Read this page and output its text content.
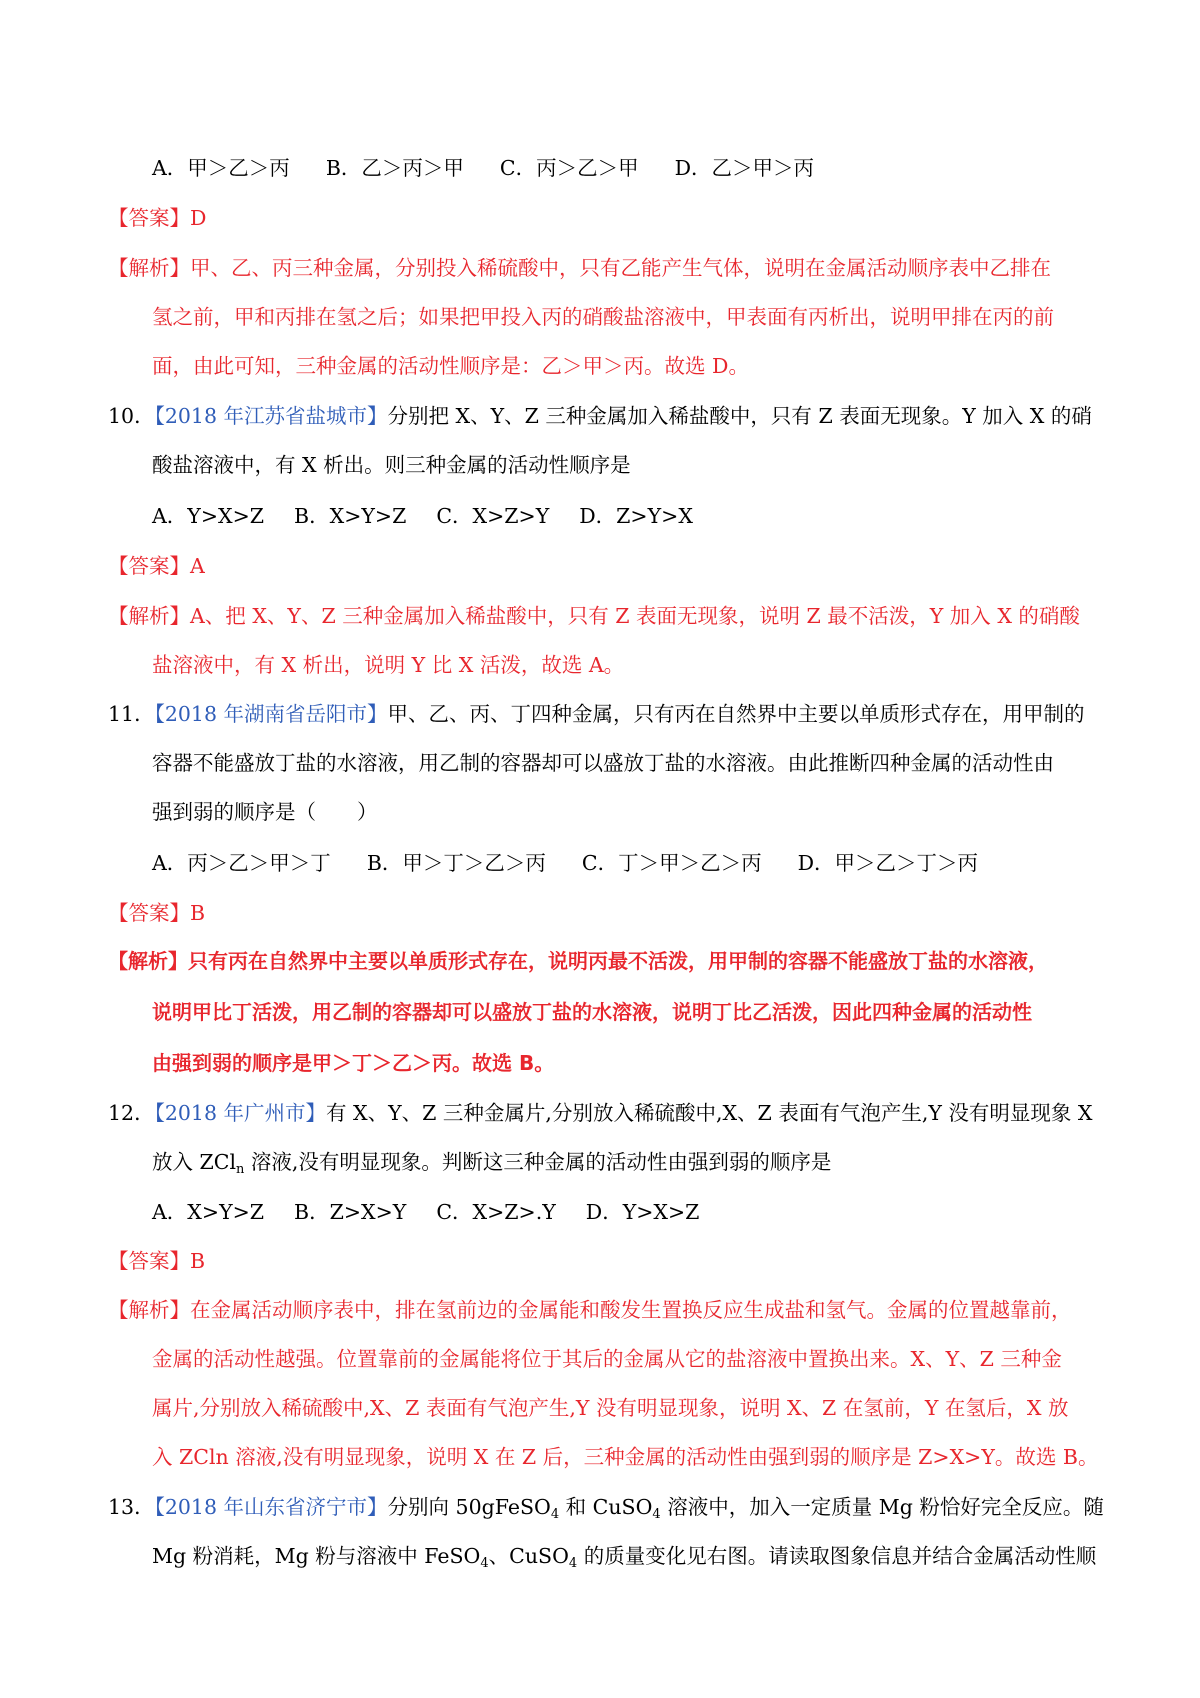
A．甲＞乙＞丙 B．乙＞丙＞甲 C．丙＞乙＞甲 D．乙＞甲＞丙
【答案】D
【解析】甲、乙、丙三种金属，分别投入稀硫酸中，只有乙能产生气体，说明在金属活动顺序表中乙排在
氢之前，甲和丙排在氢之后；如果把甲投入丙的硝酸盐溶液中，甲表面有丙析出，说明甲排在丙的前
面，由此可知，三种金属的活动性顺序是：乙＞甲＞丙。故选 D。
10．【2018 年江苏省盐城市】分别把 X、Y、Z 三种金属加入稀盐酸中，只有 Z 表面无现象。Y 加入 X 的硝
酸盐溶液中，有 X 析出。则三种金属的活动性顺序是
A．Y>X>Z B．X>Y>Z C．X>Z>Y D．Z>Y>X
【答案】A
【解析】A、把 X、Y、Z 三种金属加入稀盐酸中，只有 Z 表面无现象，说明 Z 最不活泼，Y 加入 X 的硝酸
盐溶液中，有 X 析出，说明 Y 比 X 活泼，故选 A。
11．【2018 年湖南省岳阳市】甲、乙、丙、丁四种金属，只有丙在自然界中主要以单质形式存在，用甲制的
容器不能盛放丁盐的水溶液，用乙制的容器却可以盛放丁盐的水溶液。由此推断四种金属的活动性由
强到弱的顺序是（　　）
A．丙＞乙＞甲＞丁 B．甲＞丁＞乙＞丙 C．丁＞甲＞乙＞丙 D．甲＞乙＞丁＞丙
【答案】B
【解析】只有丙在自然界中主要以单质形式存在，说明丙最不活泼，用甲制的容器不能盛放丁盐的水溶液，
说明甲比丁活泼，用乙制的容器却可以盛放丁盐的水溶液，说明丁比乙活泼，因此四种金属的活动性
由强到弱的顺序是甲＞丁＞乙＞丙。故选 B。
12．【2018 年广州市】有 X、Y、Z 三种金属片,分别放入稀硫酸中,X、Z 表面有气泡产生,Y 没有明显现象 X
放入 ZCl$_n$ 溶液,没有明显现象。判断这三种金属的活动性由强到弱的顺序是
A．X>Y>Z B．Z>X>Y C．X>Z>.Y D．Y>X>Z
【答案】B
【解析】在金属活动顺序表中，排在氢前边的金属能和酸发生置换反应生成盐和氢气。金属的位置越靠前，
金属的活动性越强。位置靠前的金属能将位于其后的金属从它的盐溶液中置换出来。X、Y、Z 三种金
属片,分别放入稀硫酸中,X、Z 表面有气泡产生,Y 没有明显现象，说明 X、Z 在氢前，Y 在氢后，X 放
入 ZCln 溶液,没有明显现象，说明 X 在 Z 后，三种金属的活动性由强到弱的顺序是 Z>X>Y。故选 B。
13．【2018 年山东省济宁市】分别向 50gFeSO$_4$ 和 CuSO$_4$ 溶液中，加入一定质量 Mg 粉恰好完全反应。随
Mg 粉消耗，Mg 粉与溶液中 FeSO$_4$、CuSO$_4$ 的质量变化见右图。请读取图象信息并结合金属活动性顺
